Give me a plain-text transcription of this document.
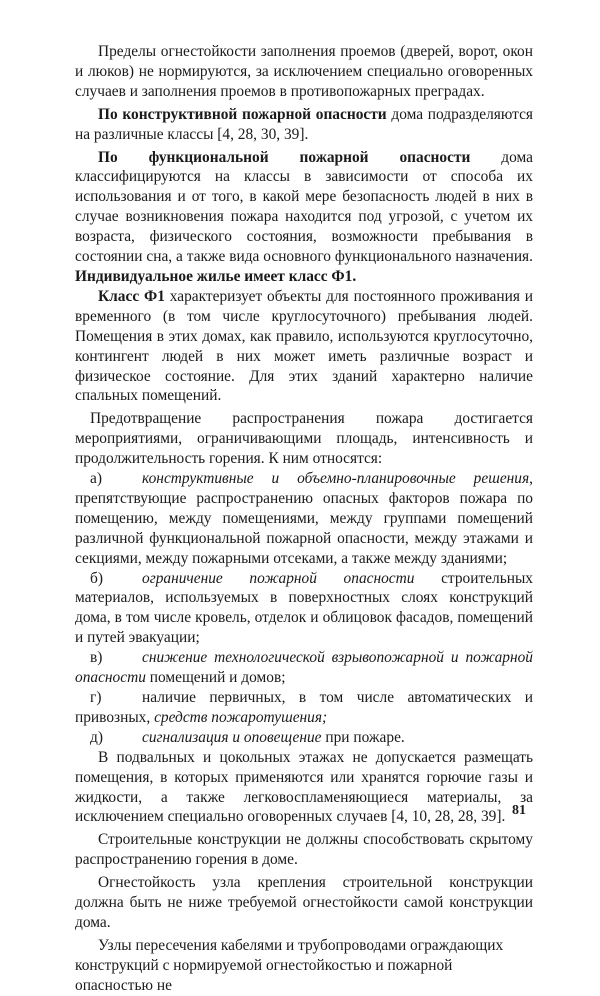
Пределы огнестойкости заполнения проемов (дверей, ворот, окон и люков) не нормируются, за исключением специально оговоренных случаев и заполнения проемов в противопожарных преградах.

По конструктивной пожарной опасности дома подразделяются на различные классы [4, 28, 30, 39].

По функциональной пожарной опасности дома классифицируются на классы в зависимости от способа их использования и от того, в какой мере безопасность людей в них в случае возникновения пожара находится под угрозой, с учетом их возраста, физического состояния, возможности пребывания в состоянии сна, а также вида основного функционального назначения. Индивидуальное жилье имеет класс Ф1.

Класс Ф1 характеризует объекты для постоянного проживания и временного (в том числе круглосуточного) пребывания людей. Помещения в этих домах, как правило, используются круглосуточно, контингент людей в них может иметь различные возраст и физическое состояние. Для этих зданий характерно наличие спальных помещений.

Предотвращение распространения пожара достигается мероприятиями, ограничивающими площадь, интенсивность и продолжительность горения. К ним относятся:

а)	конструктивные и объемно-планировочные решения, препятствующие распространению опасных факторов пожара по помещению, между помещениями, между группами помещений различной функциональной пожарной опасности, между этажами и секциями, между пожарными отсеками, а также между зданиями;

б)	ограничение пожарной опасности строительных материалов, используемых в поверхностных слоях конструкций дома, в том числе кровель, отделок и облицовок фасадов, помещений и путей эвакуации;

в)	снижение технологической взрывопожарной и пожарной опасности помещений и домов;

г)	наличие первичных, в том числе автоматических и привозных, средств пожаротушения;

д)	сигнализация и оповещение при пожаре.

В подвальных и цокольных этажах не допускается размещать помещения, в которых применяются или хранятся горючие газы и жидкости, а также легковоспламеняющиеся материалы, за исключением специально оговоренных случаев [4, 10, 28, 28, 39].

Строительные конструкции не должны способствовать скрытому распространению горения в доме.

Огнестойкость узла крепления строительной конструкции должна быть не ниже требуемой огнестойкости самой конструкции дома.

Узлы пересечения кабелями и трубопроводами ограждающих конструкций с нормируемой огнестойкостью и пожарной опасностью не

81
